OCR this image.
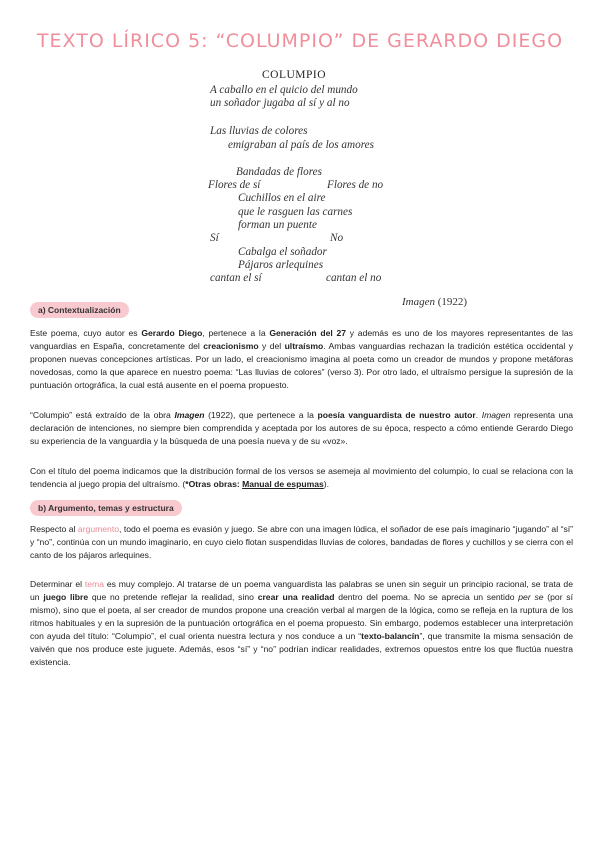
TEXTO LÍRICO 5: “COLUMPIO” DE GERARDO DIEGO
COLUMPIO
A caballo en el quicio del mundo
un soñador jugaba al sí y al no
Las lluvias de colores
emigraban al país de los amores
Bandadas de flores
Flores de sí	Flores de no
Cuchillos en el aire
que le rasguen las carnes
forman un puente
Sí	No
Cabalga el soñador
Pájaros arlequines
cantan el sí	cantan el no
Imagen (1922)
a) Contextualización

Este poema, cuyo autor es Gerardo Diego, pertenece a la Generación del 27 y además es uno de los mayores representantes de las vanguardias en España, concretamente del creacionismo y del ultraísmo. Ambas vanguardias rechazan la tradición estética occidental y proponen nuevas concepciones artísticas. Por un lado, el creacionismo imagina al poeta como un creador de mundos y propone metáforas novedosas, como la que aparece en nuestro poema: “Las lluvias de colores” (verso 3). Por otro lado, el ultraísmo persigue la supresión de la puntuación ortográfica, la cual está ausente en el poema propuesto.

“Columpio” está extraído de la obra Imagen (1922), que pertenece a la poesía vanguardista de nuestro autor. Imagen representa una declaración de intenciones, no siempre bien comprendida y aceptada por los autores de su época, respecto a cómo entiende Gerardo Diego su experiencia de la vanguardia y la búsqueda de una poesía nueva y de su «voz».

Con el título del poema indicamos que la distribución formal de los versos se asemeja al movimiento del columpio, lo cual se relaciona con la tendencia al juego propia del ultraísmo. (*Otras obras: Manual de espumas).

b) Argumento, temas y estructura

Respecto al argumento, todo el poema es evasión y juego. Se abre con una imagen lúdica, el soñador de ese país imaginario “jugando” al “sí” y “no”, continúa con un mundo imaginario, en cuyo cielo flotan suspendidas lluvias de colores, bandadas de flores y cuchillos y se cierra con el canto de los pájaros arlequines.

Determinar el tema es muy complejo. Al tratarse de un poema vanguardista las palabras se unen sin seguir un principio racional, se trata de un juego libre que no pretende reflejar la realidad, sino crear una realidad dentro del poema. No se aprecia un sentido per se (por sí mismo), sino que el poeta, al ser creador de mundos propone una creación verbal al margen de la lógica, como se refleja en la ruptura de los ritmos habituales y en la supresión de la puntuación ortográfica en el poema propuesto. Sin embargo, podemos establecer una interpretación con ayuda del título: “Columpio”, el cual orienta nuestra lectura y nos conduce a un “texto-balancín”, que transmite la misma sensación de vaivén que nos produce este juguete. Además, esos “sí” y “no” podrían indicar realidades, extremos opuestos entre los que fluctúa nuestra existencia.
